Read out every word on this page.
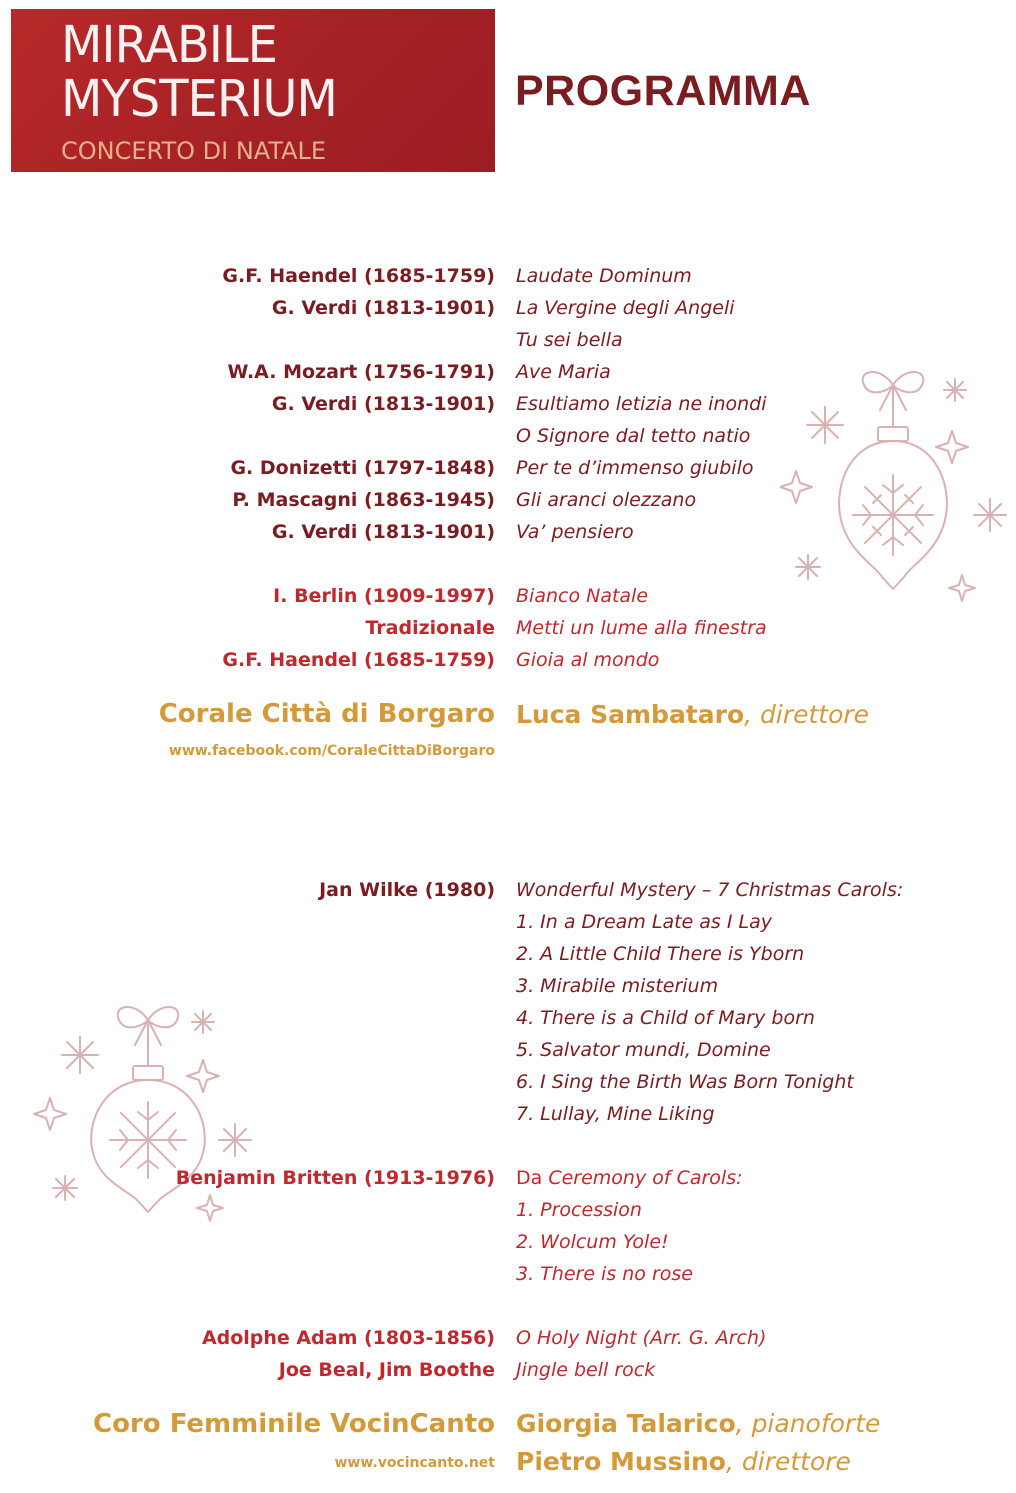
MIRABILE
MYSTERIUM
CONCERTO DI NATALE
PROGRAMMA
Corale Città di Borgaro Luca Sambataro, direttore
www.facebook.com/CoraleCittaDiBorgaro
Benjamin Britten (1913-1976) Da Ceremony of Carols:
1. Procession
2. Wolcum Yole!
3. There is no rose
Coro Femminile VocinCanto Giorgia Talarico, pianoforte
www.vocincanto.net Pietro Mussino, direttore
G.F. Haendel (1685-1759) Laudate Dominum
G. Verdi (1813-1901) La Vergine degli Angeli
Tu sei bella
W.A. Mozart (1756-1791) Ave Maria
G. Verdi (1813-1901) Esultiamo letizia ne inondi
O Signore dal tetto natio
G. Donizetti (1797-1848) Per te d’immenso giubilo
P. Mascagni (1863-1945) Gli aranci olezzano
G. Verdi (1813-1901) Va’ pensiero
I. Berlin (1909-1997) Bianco Natale
Tradizionale Metti un lume alla finestra
G.F. Haendel (1685-1759) Gioia al mondo
Jan Wilke (1980) Wonderful Mystery – 7 Christmas Carols:
1. In a Dream Late as I Lay
2. A Little Child There is Yborn
3. Mirabile misterium
4. There is a Child of Mary born
5. Salvator mundi, Domine
6. I Sing the Birth Was Born Tonight
7. Lullay, Mine Liking
Adolphe Adam (1803-1856) O Holy Night (Arr. G. Arch)
Joe Beal, Jim Boothe Jingle bell rock
